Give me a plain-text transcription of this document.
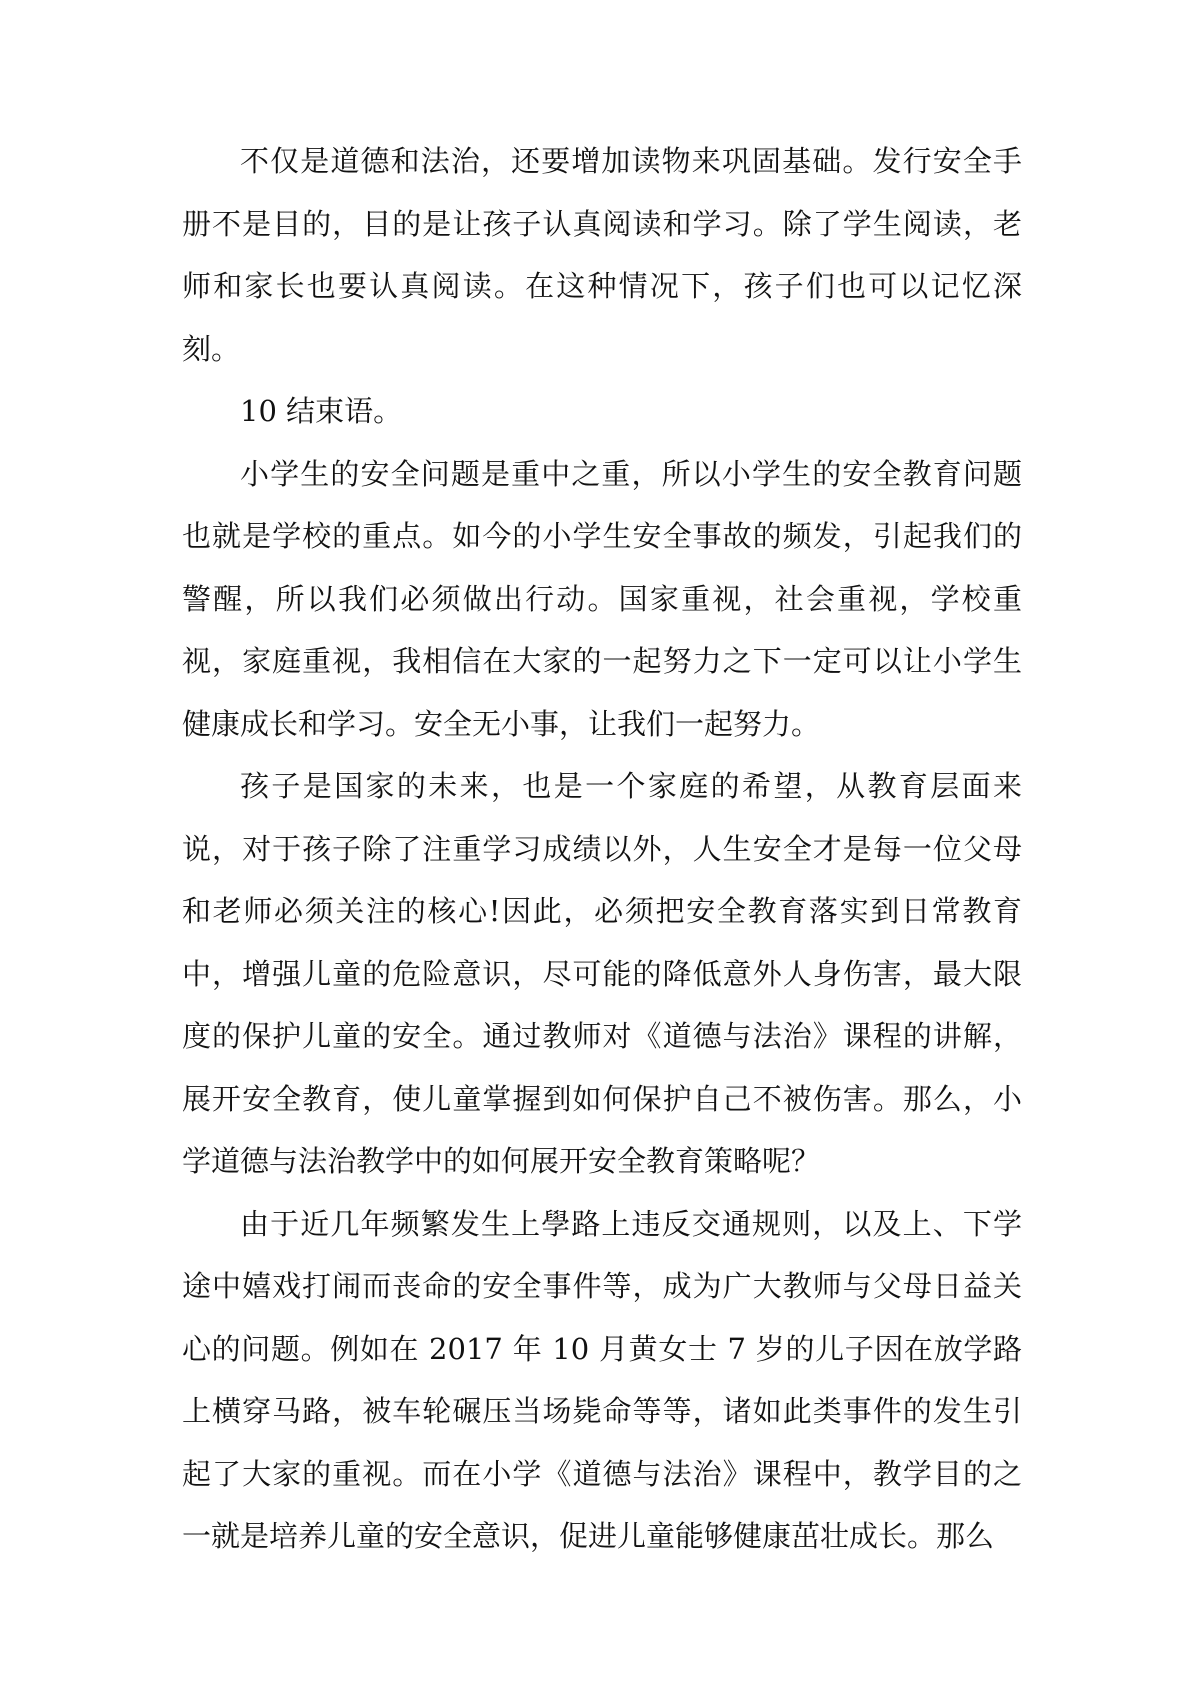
不仅是道德和法治，还要增加读物来巩固基础。发行安全手册不是目的，目的是让孩子认真阅读和学习。除了学生阅读，老师和家长也要认真阅读。在这种情况下，孩子们也可以记忆深刻。

10 结束语。

小学生的安全问题是重中之重，所以小学生的安全教育问题也就是学校的重点。如今的小学生安全事故的频发，引起我们的警醒，所以我们必须做出行动。国家重视，社会重视，学校重视，家庭重视，我相信在大家的一起努力之下一定可以让小学生健康成长和学习。安全无小事，让我们一起努力。

孩子是国家的未来，也是一个家庭的希望，从教育层面来说，对于孩子除了注重学习成绩以外，人生安全才是每一位父母和老师必须关注的核心!因此，必须把安全教育落实到日常教育中，增强儿童的危险意识，尽可能的降低意外人身伤害，最大限度的保护儿童的安全。通过教师对《道德与法治》课程的讲解，展开安全教育，使儿童掌握到如何保护自己不被伤害。那么，小学道德与法治教学中的如何展开安全教育策略呢？

由于近几年频繁发生上學路上违反交通规则，以及上、下学途中嬉戏打闹而丧命的安全事件等，成为广大教师与父母日益关心的问题。例如在 2017 年 10 月黄女士 7 岁的儿子因在放学路上横穿马路，被车轮碾压当场毙命等等，诸如此类事件的发生引起了大家的重视。而在小学《道德与法治》课程中，教学目的之一就是培养儿童的安全意识，促进儿童能够健康茁壮成长。那么
